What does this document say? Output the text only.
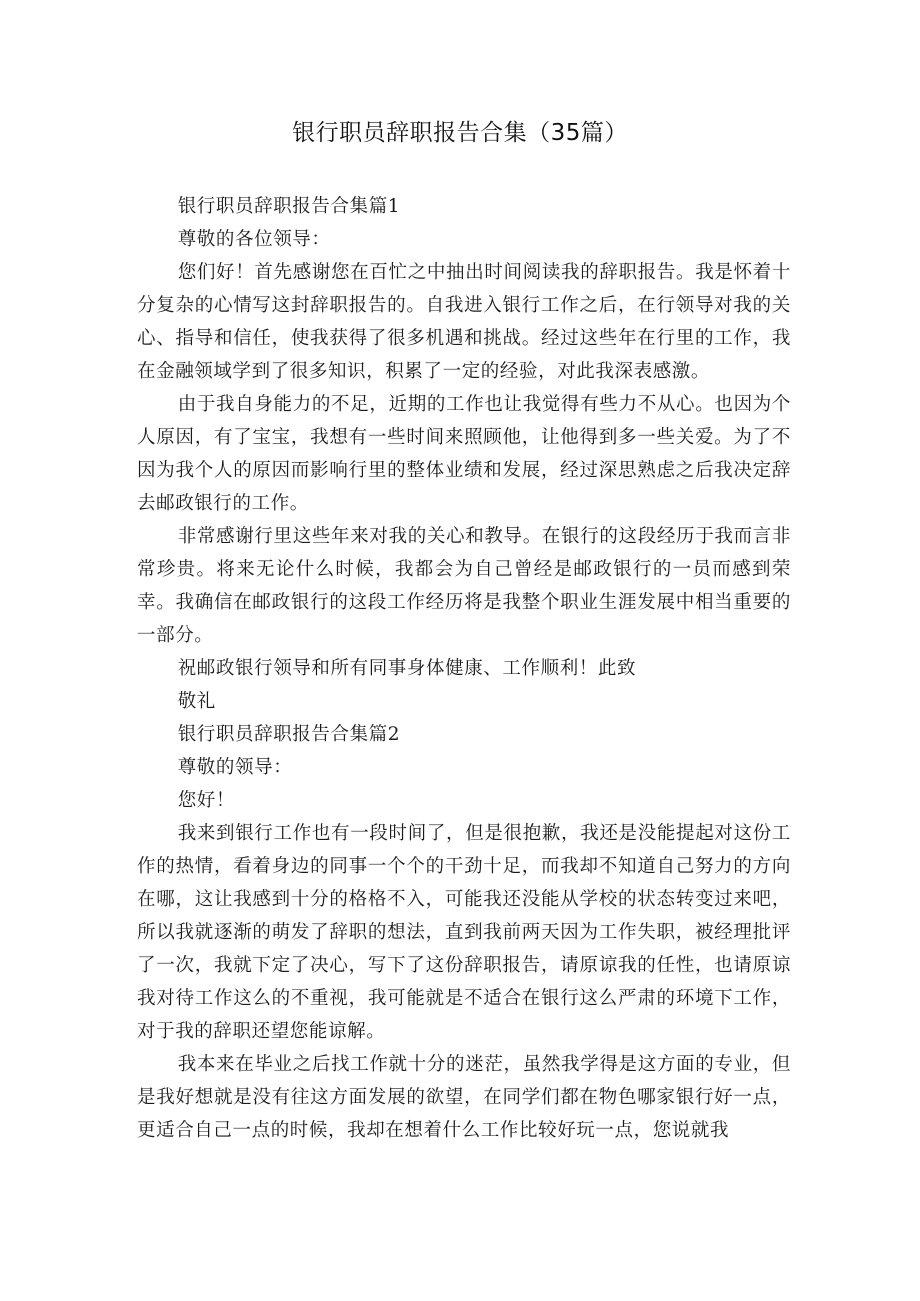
银行职员辞职报告合集（35篇）

银行职员辞职报告合集篇1

尊敬的各位领导：

您们好！首先感谢您在百忙之中抽出时间阅读我的辞职报告。我是怀着十分复杂的心情写这封辞职报告的。自我进入银行工作之后，在行领导对我的关心、指导和信任，使我获得了很多机遇和挑战。经过这些年在行里的工作，我在金融领域学到了很多知识，积累了一定的经验，对此我深表感激。

由于我自身能力的不足，近期的工作也让我觉得有些力不从心。也因为个人原因，有了宝宝，我想有一些时间来照顾他，让他得到多一些关爱。为了不因为我个人的原因而影响行里的整体业绩和发展，经过深思熟虑之后我决定辞去邮政银行的工作。

非常感谢行里这些年来对我的关心和教导。在银行的这段经历于我而言非常珍贵。将来无论什么时候，我都会为自己曾经是邮政银行的一员而感到荣幸。我确信在邮政银行的这段工作经历将是我整个职业生涯发展中相当重要的一部分。

祝邮政银行领导和所有同事身体健康、工作顺利！此致

敬礼

银行职员辞职报告合集篇2

尊敬的领导：

您好！

我来到银行工作也有一段时间了，但是很抱歉，我还是没能提起对这份工作的热情，看着身边的同事一个个的干劲十足，而我却不知道自己努力的方向在哪，这让我感到十分的格格不入，可能我还没能从学校的状态转变过来吧，所以我就逐渐的萌发了辞职的想法，直到我前两天因为工作失职，被经理批评了一次，我就下定了决心，写下了这份辞职报告，请原谅我的任性，也请原谅我对待工作这么的不重视，我可能就是不适合在银行这么严肃的环境下工作，对于我的辞职还望您能谅解。

我本来在毕业之后找工作就十分的迷茫，虽然我学得是这方面的专业，但是我好想就是没有往这方面发展的欲望，在同学们都在物色哪家银行好一点，更适合自己一点的时候，我却在想着什么工作比较好玩一点，您说就我
